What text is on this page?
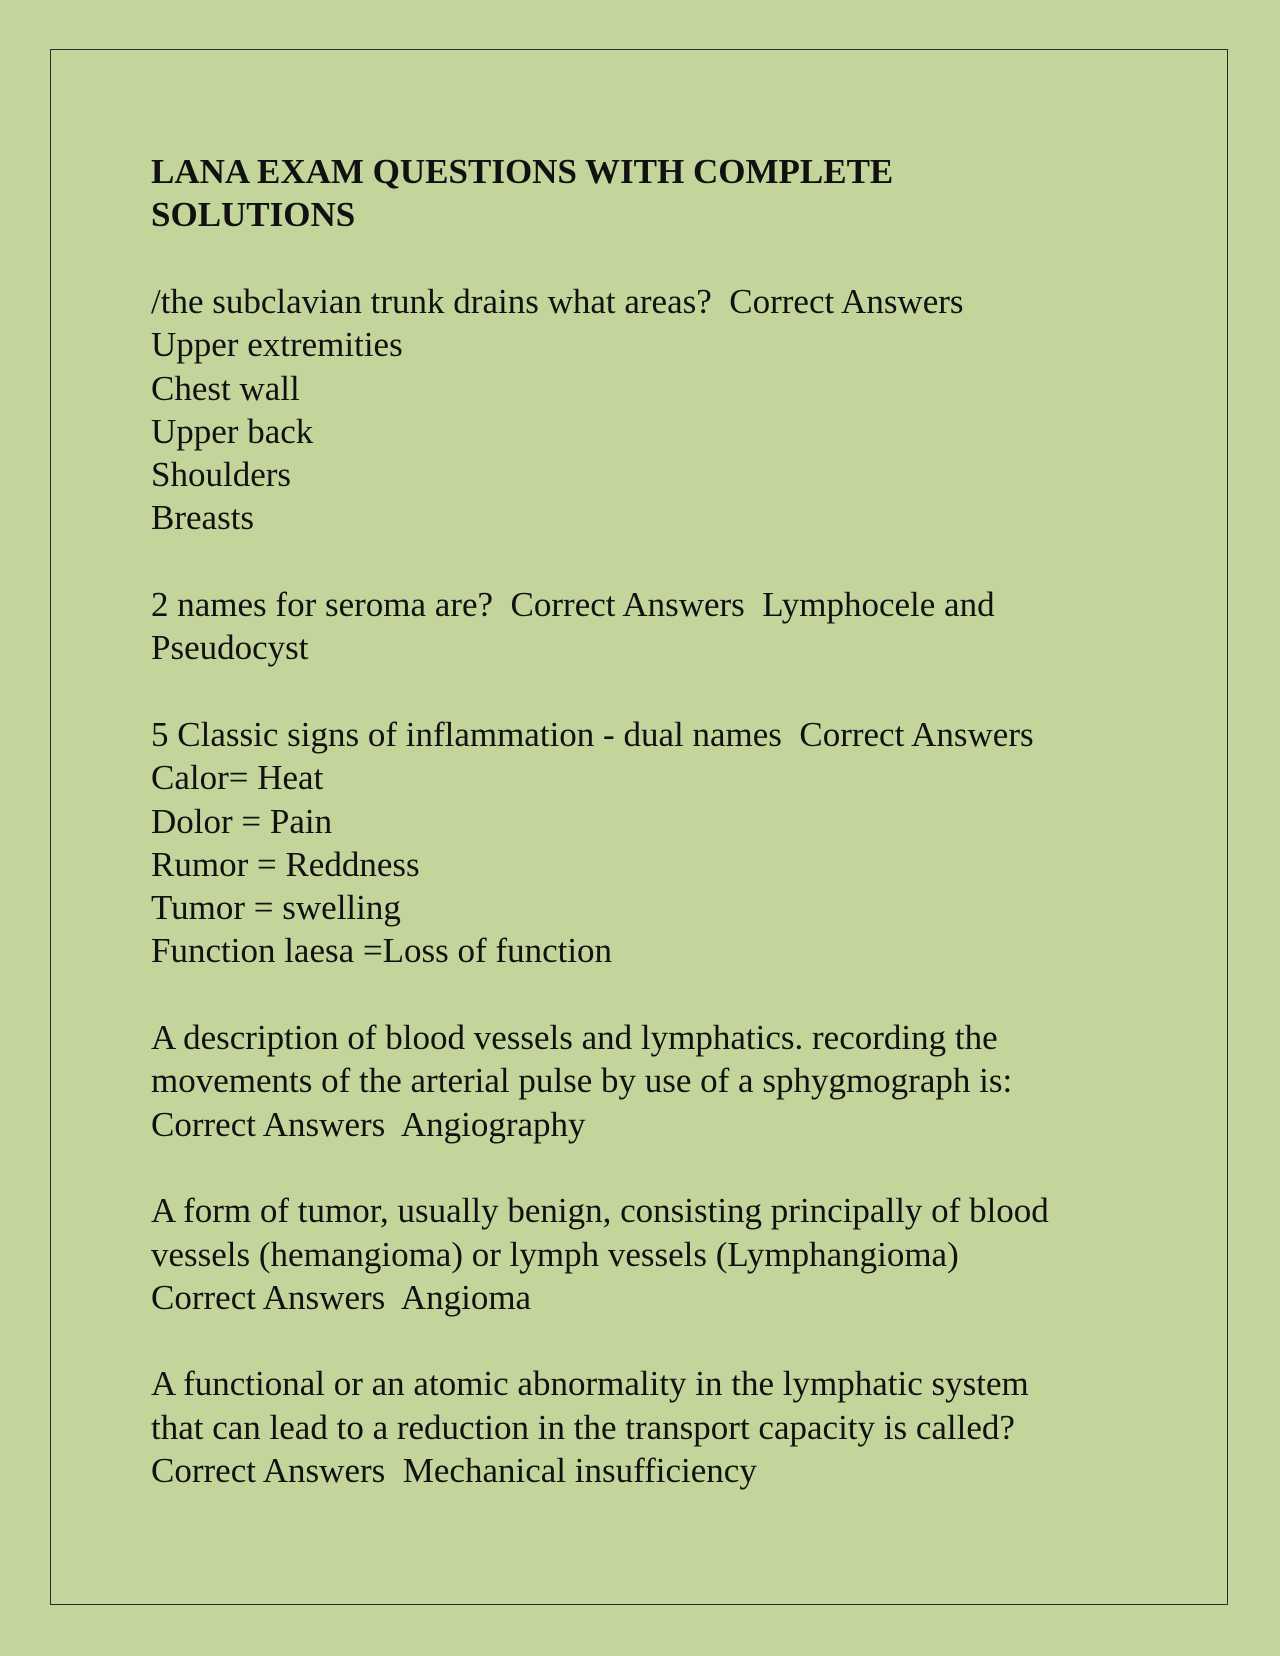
LANA EXAM QUESTIONS WITH COMPLETE
SOLUTIONS
/the subclavian trunk drains what areas?  Correct Answers
Upper extremities
Chest wall
Upper back
Shoulders
Breasts
2 names for seroma are?  Correct Answers  Lymphocele and
Pseudocyst
5 Classic signs of inflammation - dual names  Correct Answers
Calor= Heat
Dolor = Pain
Rumor = Reddness
Tumor = swelling
Function laesa =Loss of function
A description of blood vessels and lymphatics. recording the
movements of the arterial pulse by use of a sphygmograph is:
Correct Answers  Angiography
A form of tumor, usually benign, consisting principally of blood
vessels (hemangioma) or lymph vessels (Lymphangioma)
Correct Answers  Angioma
A functional or an atomic abnormality in the lymphatic system
that can lead to a reduction in the transport capacity is called?
Correct Answers  Mechanical insufficiency
